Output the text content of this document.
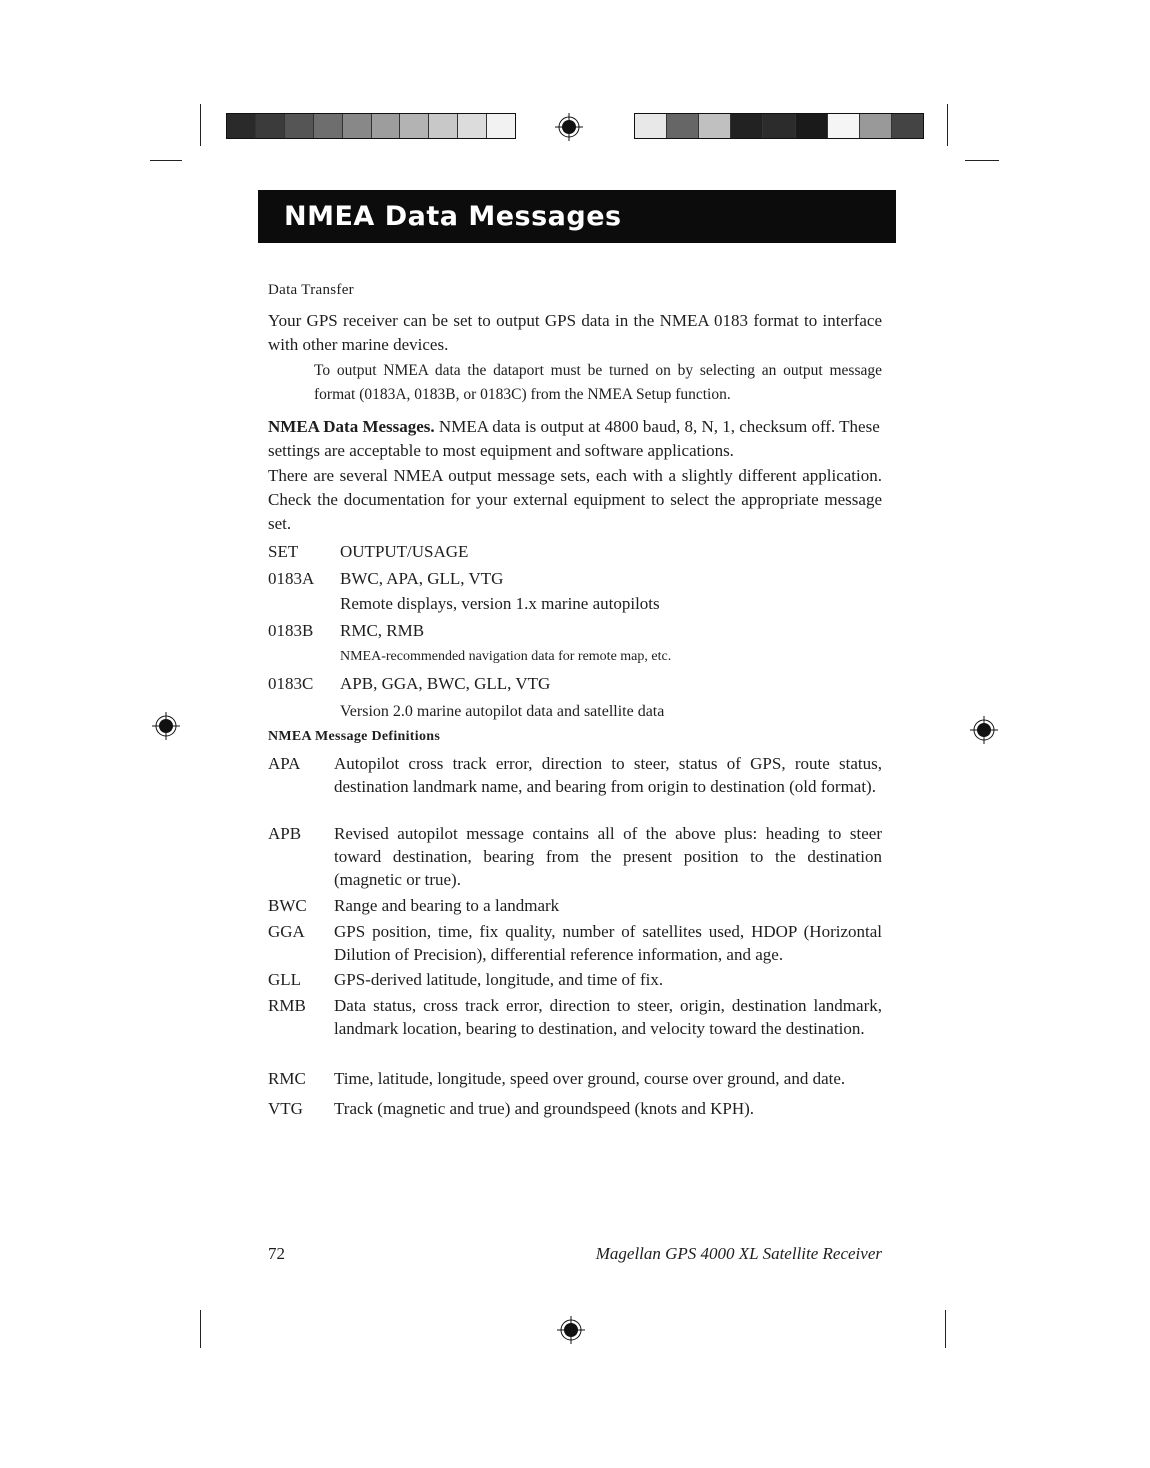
NMEA Data Messages
Data Transfer
Your GPS receiver can be set to output GPS data in the NMEA 0183 format to interface with other marine devices.
To output NMEA data the dataport must be turned on by selecting an output message format (0183A, 0183B, or 0183C) from the NMEA Setup function.
NMEA Data Messages. NMEA data is output at 4800 baud, 8, N, 1, checksum off. These settings are acceptable to most equipment and software applications.
There are several NMEA output message sets, each with a slightly different application. Check the documentation for your external equipment to select the appropriate message set.
SET	OUTPUT/USAGE
0183A	BWC, APA, GLL, VTG
Remote displays, version 1.x marine autopilots
0183B	RMC, RMB
NMEA-recommended navigation data for remote map, etc.
0183C	APB, GGA, BWC, GLL, VTG
Version 2.0 marine autopilot data and satellite data
NMEA Message Definitions
APA	Autopilot cross track error, direction to steer, status of GPS, route status, destination landmark name, and bearing from origin to destination (old format).
APB	Revised autopilot message contains all of the above plus: heading to steer toward destination, bearing from the present position to the destination (magnetic or true).
BWC	Range and bearing to a landmark
GGA	GPS position, time, fix quality, number of satellites used, HDOP (Horizontal Dilution of Precision), differential reference information, and age.
GLL	GPS-derived latitude, longitude, and time of fix.
RMB	Data status, cross track error, direction to steer, origin, destination landmark, landmark location, bearing to destination, and velocity toward the destination.
RMC	Time, latitude, longitude, speed over ground, course over ground, and date.
VTG	Track (magnetic and true) and groundspeed (knots and KPH).
72	Magellan GPS 4000 XL Satellite Receiver
